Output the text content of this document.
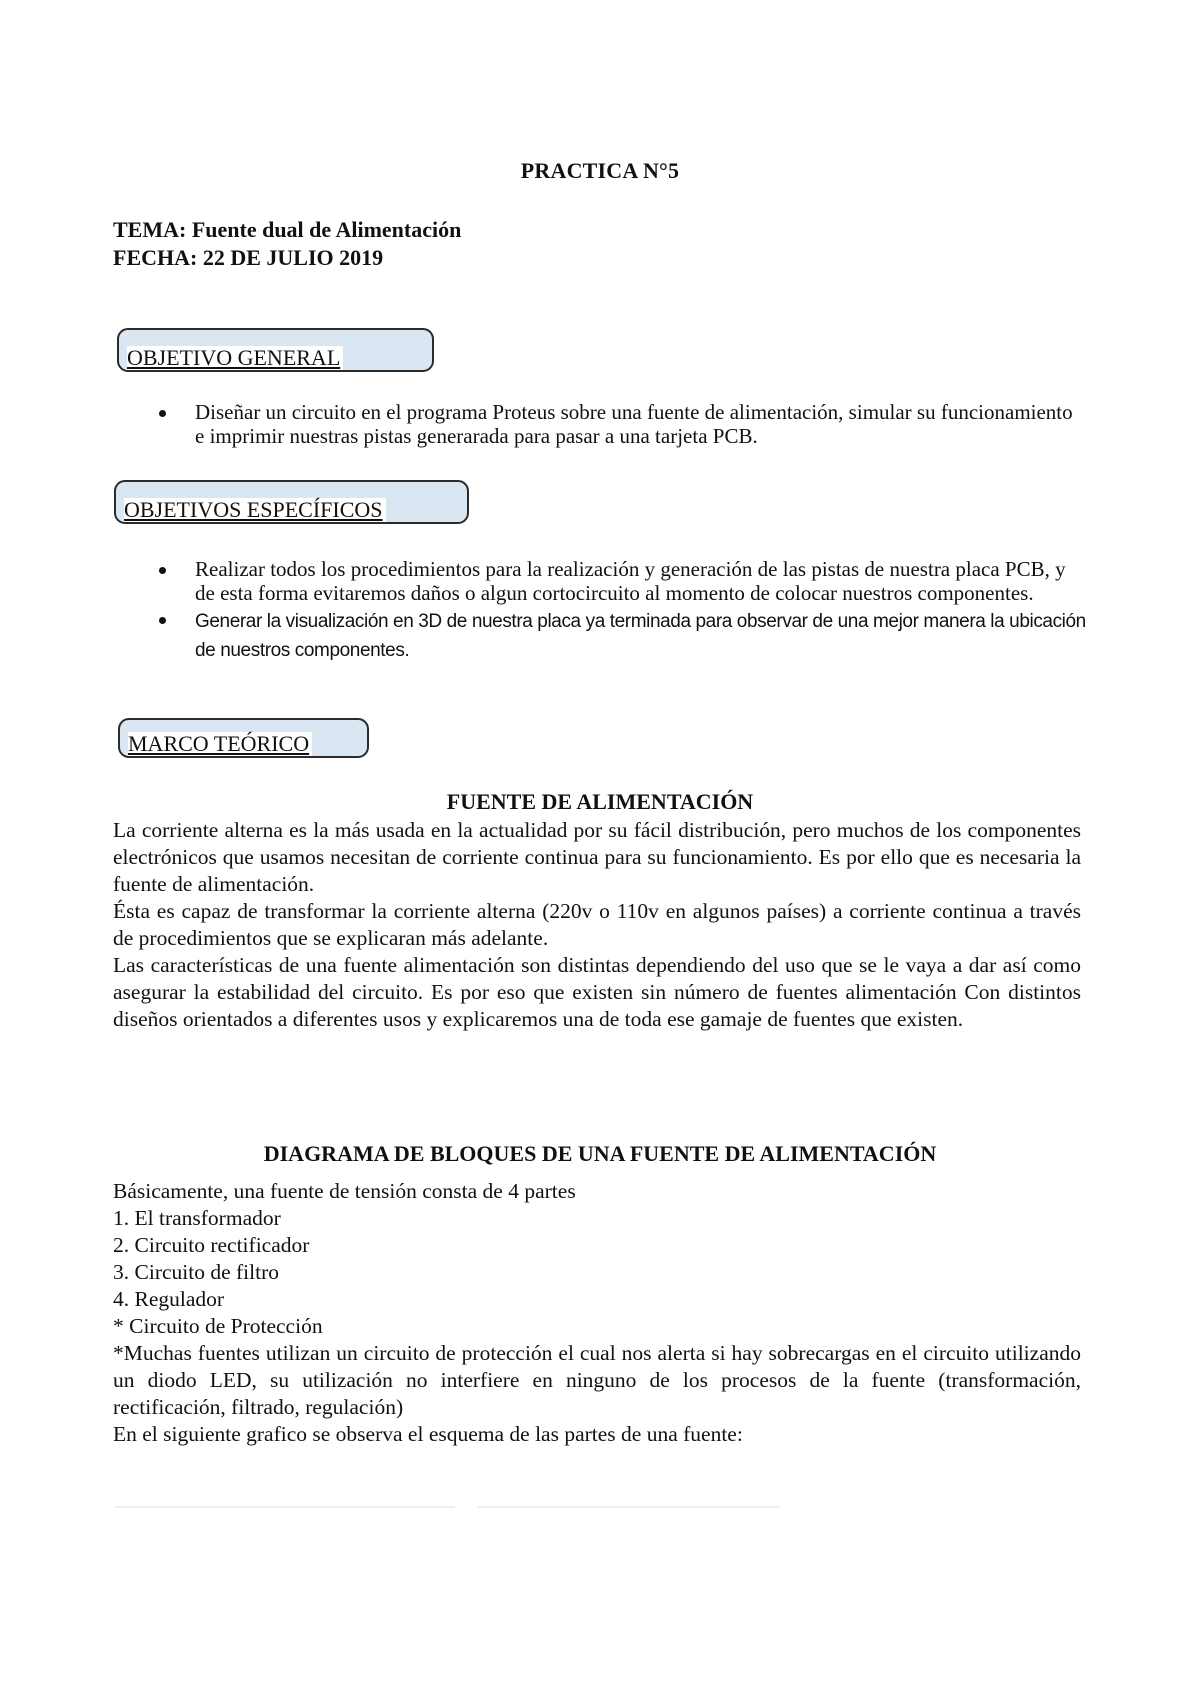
PRACTICA N°5
TEMA: Fuente dual de Alimentación
FECHA: 22 DE JULIO 2019
OBJETIVO GENERAL
Diseñar un circuito en el programa Proteus sobre una fuente de alimentación, simular su funcionamiento e imprimir nuestras pistas generarada para pasar a una tarjeta PCB.
OBJETIVOS ESPECÍFICOS
Realizar todos los procedimientos para la realización y generación de las pistas de nuestra placa PCB, y de esta forma evitaremos daños o algun cortocircuito al momento de colocar nuestros componentes.
Generar la visualización en 3D de nuestra placa ya terminada para observar de una mejor manera la ubicación de nuestros componentes.
MARCO TEÓRICO
FUENTE DE ALIMENTACIÓN

La corriente alterna es la más usada en la actualidad por su fácil distribución, pero muchos de los componentes electrónicos que usamos necesitan de corriente continua para su funcionamiento. Es por ello que es necesaria la fuente de alimentación.

Ésta es capaz de transformar la corriente alterna (220v o 110v en algunos países) a corriente continua a través de procedimientos que se explicaran más adelante.

Las características de una fuente alimentación son distintas dependiendo del uso que se le vaya a dar así como asegurar la estabilidad del circuito. Es por eso que existen sin número de fuentes alimentación Con distintos diseños orientados a diferentes usos y explicaremos una de toda ese gamaje de fuentes que existen.

DIAGRAMA DE BLOQUES DE UNA FUENTE DE ALIMENTACIÓN

Básicamente, una fuente de tensión consta de 4 partes

1. El transformador

2. Circuito rectificador

3. Circuito de filtro

4. Regulador

* Circuito de Protección

*Muchas fuentes utilizan un circuito de protección el cual nos alerta si hay sobrecargas en el circuito utilizando un diodo LED, su utilización no interfiere en ninguno de los procesos de la fuente (transformación, rectificación, filtrado, regulación)

En el siguiente grafico se observa el esquema de las partes de una fuente:
